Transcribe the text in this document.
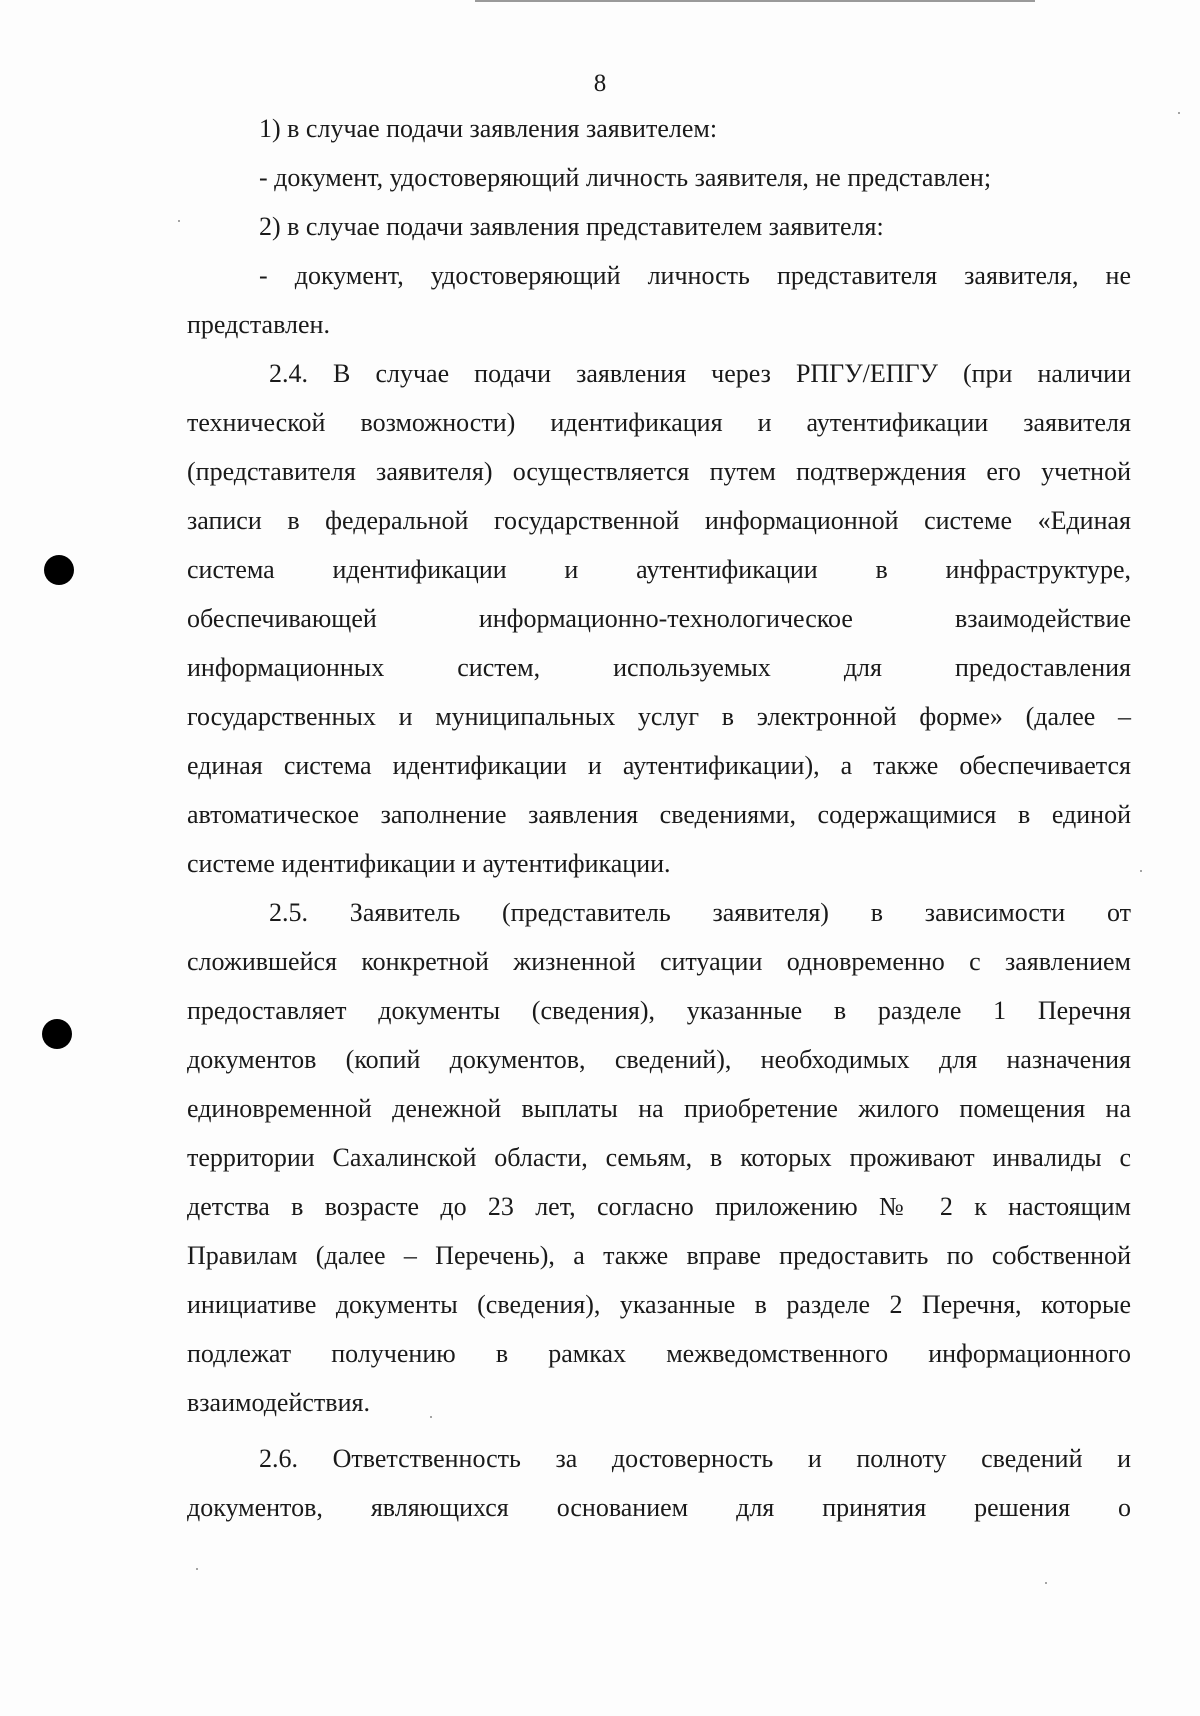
8
1) в случае подачи заявления заявителем:
- документ, удостоверяющий личность заявителя, не представлен;
2) в случае подачи заявления представителем заявителя:
- документ, удостоверяющий личность представителя заявителя, не
представлен.
2.4. В случае подачи заявления через РПГУ/ЕПГУ (при наличии
технической возможности) идентификация и аутентификации заявителя
(представителя заявителя) осуществляется путем подтверждения его учетной
записи в федеральной государственной информационной системе «Единая
система идентификации и аутентификации в инфраструктуре,
обеспечивающей информационно-технологическое взаимодействие
информационных систем, используемых для предоставления
государственных и муниципальных услуг в электронной форме» (далее –
единая система идентификации и аутентификации), а также обеспечивается
автоматическое заполнение заявления сведениями, содержащимися в единой
системе идентификации и аутентификации.
2.5. Заявитель (представитель заявителя) в зависимости от
сложившейся конкретной жизненной ситуации одновременно с заявлением
предоставляет документы (сведения), указанные в разделе 1 Перечня
документов (копий документов, сведений), необходимых для назначения
единовременной денежной выплаты на приобретение жилого помещения на
территории Сахалинской области, семьям, в которых проживают инвалиды с
детства в возрасте до 23 лет, согласно приложению № 2 к настоящим
Правилам (далее – Перечень), а также вправе предоставить по собственной
инициативе документы (сведения), указанные в разделе 2 Перечня, которые
подлежат получению в рамках межведомственного информационного
взаимодействия.
2.6. Ответственность за достоверность и полноту сведений и
документов, являющихся основанием для принятия решения о
